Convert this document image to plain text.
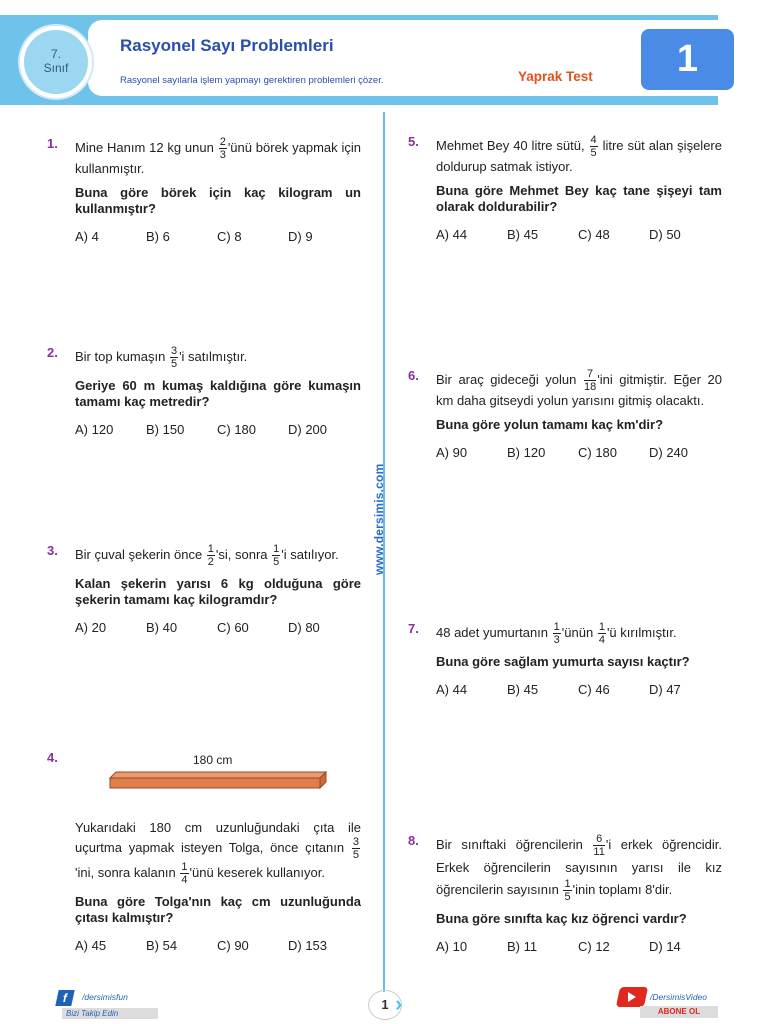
7.
Sınıf
Rasyonel Sayı Problemleri
Rasyonel sayılarla işlem yapmayı gerektiren problemleri çözer.	Yaprak Test	1
www.dersimis.com
1. Mine Hanım 12 kg unun $\frac{2}{3}$ 'ünü börek yapmak için kullanmıştır.

Buna göre börek için kaç kilogram un kullanmıştır?

A) 4	B) 6	C) 8	D) 9
2. Bir top kumaşın $\frac{3}{5}$ 'i satılmıştır.

Geriye 60 m kumaş kaldığına göre kumaşın tamamı kaç metredir?

A) 120	B) 150	C) 180	D) 200
3. Bir çuval şekerin önce $\frac{1}{2}$ 'si, sonra $\frac{1}{5}$ 'i satılıyor.

Kalan şekerin yarısı 6 kg olduğuna göre şekerin tamamı kaç kilogramdır?

A) 20	B) 40	C) 60	D) 80
4.	180 cm

Yukarıdaki 180 cm uzunluğundaki çıta ile uçurtma yapmak isteyen Tolga, önce çıtanın $\frac{3}{5}$
'ini, sonra kalanın $\frac{1}{4}$ 'ünü keserek kullanıyor.

Buna göre Tolga'nın kaç cm uzunluğunda çıtası kalmıştır?

A) 45	B) 54	C) 90	D) 153
5. Mehmet Bey 40 litre sütü, $\frac{4}{5}$ litre süt alan şişelere doldurup satmak istiyor.

Buna göre Mehmet Bey kaç tane şişeyi tam olarak doldurabilir?

A) 44	B) 45	C) 48	D) 50
6. Bir araç gideceği yolun $\frac{7}{18}$ 'ini gitmiştir. Eğer 20 km daha gitseydi yolun yarısını gitmiş olacaktı.

Buna göre yolun tamamı kaç km'dir?

A) 90	B) 120	C) 180	D) 240
7. 48 adet yumurtanın $\frac{1}{3}$ 'ünün $\frac{1}{4}$ 'ü kırılmıştır.

Buna göre sağlam yumurta sayısı kaçtır?

A) 44	B) 45	C) 46	D) 47
8. Bir sınıftaki öğrencilerin $\frac{6}{11}$ 'i erkek öğrencidir. Erkek öğrencilerin sayısının yarısı ile kız öğrencilerin sayısının $\frac{1}{5}$ 'inin toplamı 8'dir.

Buna göre sınıfta kaç kız öğrenci vardır?

A) 10	B) 11	C) 12	D) 14
f	/dersimisfun
Bizi Takip Edin
1 ›	/DersimisVideo
ABONE OL
